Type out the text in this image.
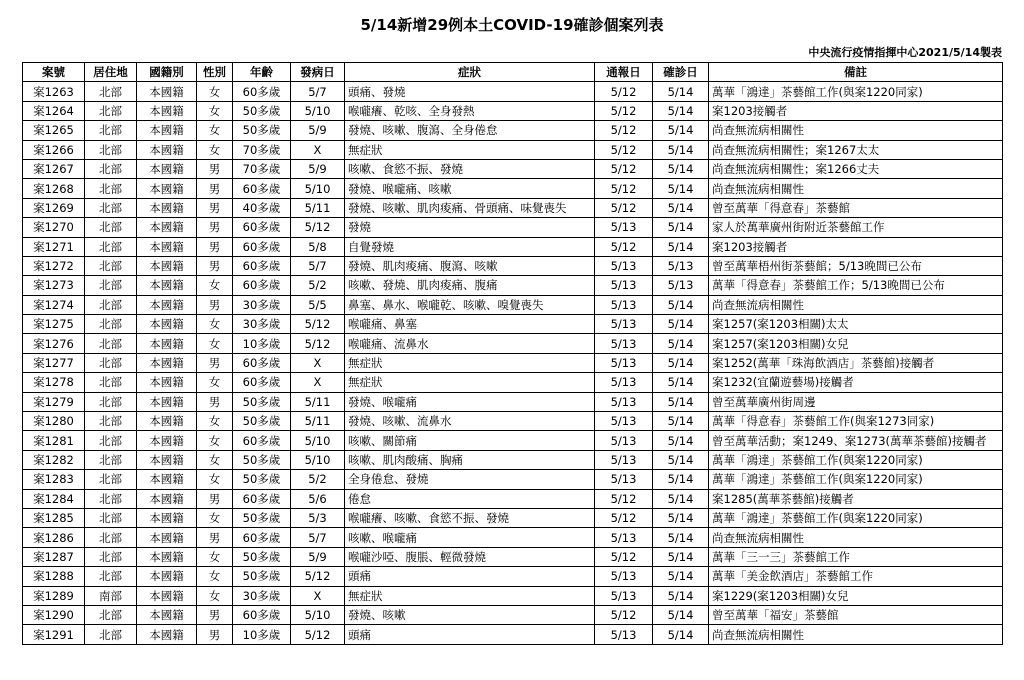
5/14新增29例本土COVID-19確診個案列表
中央流行疫情指揮中心2021/5/14製表
案號	居住地	國籍別	性別	年齡	發病日	症狀	通報日	確診日	備註
案1263	北部	本國籍	女	60多歲	5/7	頭痛、發燒	5/12	5/14	萬華「鴻達」茶藝館工作(與案1220同家)
案1264	北部	本國籍	女	50多歲	5/10	喉嚨癢、乾咳、全身發熱	5/12	5/14	案1203接觸者
案1265	北部	本國籍	女	50多歲	5/9	發燒、咳嗽、腹瀉、全身倦怠	5/12	5/14	尚查無流病相關性
案1266	北部	本國籍	女	70多歲	X	無症狀	5/12	5/14	尚查無流病相關性；案1267太太
案1267	北部	本國籍	男	70多歲	5/9	咳嗽、食慾不振、發燒	5/12	5/14	尚查無流病相關性；案1266丈夫
案1268	北部	本國籍	男	60多歲	5/10	發燒、喉嚨痛、咳嗽	5/12	5/14	尚查無流病相關性
案1269	北部	本國籍	男	40多歲	5/11	發燒、咳嗽、肌肉痠痛、骨頭痛、味覺喪失	5/12	5/14	曾至萬華「得意春」茶藝館
案1270	北部	本國籍	男	60多歲	5/12	發燒	5/13	5/14	家人於萬華廣州街附近茶藝館工作
案1271	北部	本國籍	男	60多歲	5/8	自覺發燒	5/12	5/14	案1203接觸者
案1272	北部	本國籍	男	60多歲	5/7	發燒、肌肉痠痛、腹瀉、咳嗽	5/13	5/13	曾至萬華梧州街茶藝館；5/13晚間已公布
案1273	北部	本國籍	女	60多歲	5/2	咳嗽、發燒、肌肉痠痛、腹痛	5/13	5/13	萬華「得意春」茶藝館工作；5/13晚間已公布
案1274	北部	本國籍	男	30多歲	5/5	鼻塞、鼻水、喉嚨乾、咳嗽、嗅覺喪失	5/13	5/14	尚查無流病相關性
案1275	北部	本國籍	女	30多歲	5/12	喉嚨痛、鼻塞	5/13	5/14	案1257(案1203相關)太太
案1276	北部	本國籍	女	10多歲	5/12	喉嚨痛、流鼻水	5/13	5/14	案1257(案1203相關)女兒
案1277	北部	本國籍	男	60多歲	X	無症狀	5/13	5/14	案1252(萬華「珠海飲酒店」茶藝館)接觸者
案1278	北部	本國籍	女	60多歲	X	無症狀	5/13	5/14	案1232(宜蘭遊藝場)接觸者
案1279	北部	本國籍	男	50多歲	5/11	發燒、喉嚨痛	5/13	5/14	曾至萬華廣州街周邊
案1280	北部	本國籍	女	50多歲	5/11	發燒、咳嗽、流鼻水	5/13	5/14	萬華「得意春」茶藝館工作(與案1273同家)
案1281	北部	本國籍	女	60多歲	5/10	咳嗽、關節痛	5/13	5/14	曾至萬華活動；案1249、案1273(萬華茶藝館)接觸者
案1282	北部	本國籍	女	50多歲	5/10	咳嗽、肌肉酸痛、胸痛	5/13	5/14	萬華「鴻達」茶藝館工作(與案1220同家)
案1283	北部	本國籍	女	50多歲	5/2	全身倦怠、發燒	5/13	5/14	萬華「鴻達」茶藝館工作(與案1220同家)
案1284	北部	本國籍	男	60多歲	5/6	倦怠	5/12	5/14	案1285(萬華茶藝館)接觸者
案1285	北部	本國籍	女	50多歲	5/3	喉嚨癢、咳嗽、食慾不振、發燒	5/12	5/14	萬華「鴻達」茶藝館工作(與案1220同家)
案1286	北部	本國籍	男	60多歲	5/7	咳嗽、喉嚨痛	5/13	5/14	尚查無流病相關性
案1287	北部	本國籍	女	50多歲	5/9	喉嚨沙啞、腹脹、輕微發燒	5/12	5/14	萬華「三一三」茶藝館工作
案1288	北部	本國籍	女	50多歲	5/12	頭痛	5/13	5/14	萬華「美金飲酒店」茶藝館工作
案1289	南部	本國籍	女	30多歲	X	無症狀	5/13	5/14	案1229(案1203相關)女兒
案1290	北部	本國籍	男	60多歲	5/10	發燒、咳嗽	5/12	5/14	曾至萬華「福安」茶藝館
案1291	北部	本國籍	男	10多歲	5/12	頭痛	5/13	5/14	尚查無流病相關性
